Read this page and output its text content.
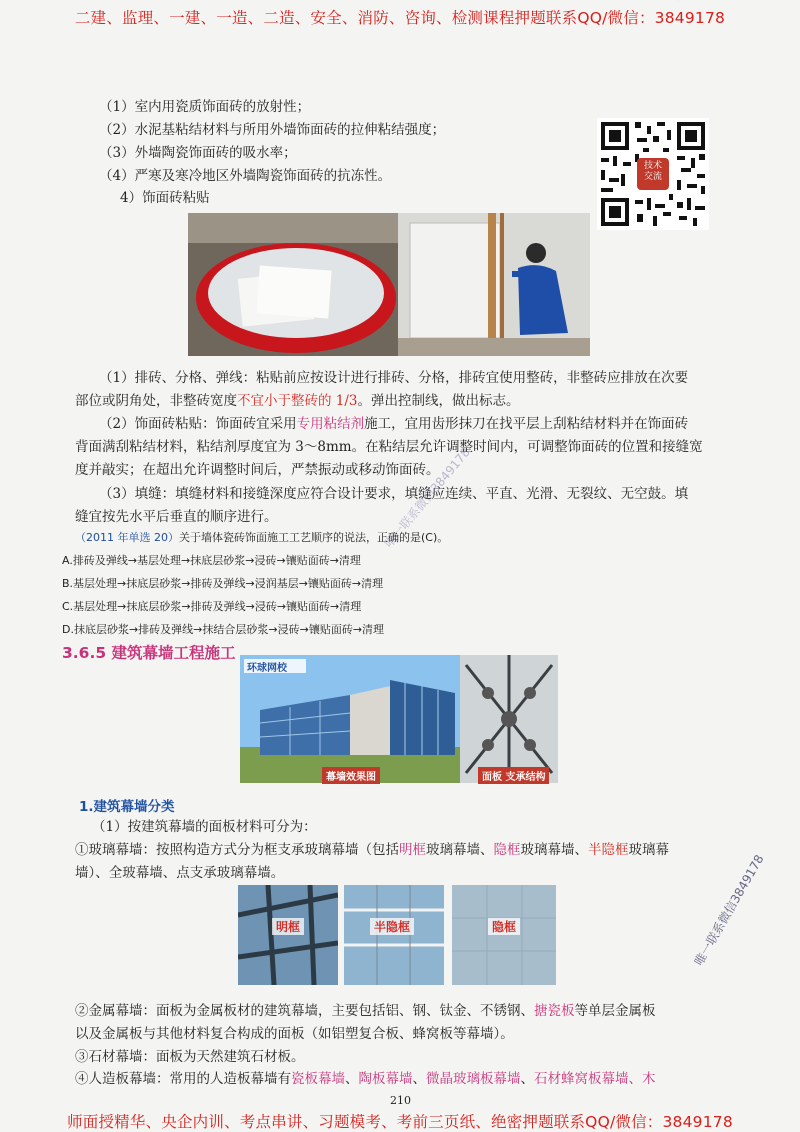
二建、监理、一建、一造、二造、安全、消防、咨询、检测课程押题联系QQ/微信：3849178
师面授精华、央企内训、考点串讲、习题模考、考前三页纸、绝密押题联系QQ/微信：3849178
技术
交流
（1）室内用瓷质饰面砖的放射性；
（2）水泥基粘结材料与所用外墙饰面砖的拉伸粘结强度；
（3）外墙陶瓷饰面砖的吸水率；
（4）严寒及寒冷地区外墙陶瓷饰面砖的抗冻性。
4）饰面砖粘贴
（1）排砖、分格、弹线：粘贴前应按设计进行排砖、分格，排砖宜使用整砖，非整砖应排放在次要
部位或阴角处，非整砖宽度不宜小于整砖的 1/3。弹出控制线，做出标志。
（2）饰面砖粘贴：饰面砖宜采用专用粘结剂施工，宜用齿形抹刀在找平层上刮粘结材料并在饰面砖
背面满刮粘结材料，粘结剂厚度宜为 3～8mm。在粘结层允许调整时间内，可调整饰面砖的位置和接缝宽
度并敲实；在超出允许调整时间后，严禁振动或移动饰面砖。
（3）填缝：填缝材料和接缝深度应符合设计要求，填缝应连续、平直、光滑、无裂纹、无空鼓。填
缝宜按先水平后垂直的顺序进行。
（2011 年单选 20）关于墙体瓷砖饰面施工工艺顺序的说法，正确的是(C)。
A.排砖及弹线→基层处理→抹底层砂浆→浸砖→镶贴面砖→清理
B.基层处理→抹底层砂浆→排砖及弹线→浸润基层→镶贴面砖→清理
C.基层处理→抹底层砂浆→排砖及弹线→浸砖→镶贴面砖→清理
D.抹底层砂浆→排砖及弹线→抹结合层砂浆→浸砖→镶贴面砖→清理
3.6.5 建筑幕墙工程施工
环球网校
幕墙效果图	面板 支承结构
1.建筑幕墙分类
（1）按建筑幕墙的面板材料可分为：
①玻璃幕墙：按照构造方式分为框支承玻璃幕墙（包括明框玻璃幕墙、隐框玻璃幕墙、半隐框玻璃幕
墙）、全玻幕墙、点支承玻璃幕墙。
明框	半隐框	隐框
②金属幕墙：面板为金属板材的建筑幕墙，主要包括铝、钢、钛金、不锈钢、搪瓷板等单层金属板
以及金属板与其他材料复合构成的面板（如铝塑复合板、蜂窝板等幕墙）。
③石材幕墙：面板为天然建筑石材板。
④人造板幕墙：常用的人造板幕墙有瓷板幕墙、陶板幕墙、微晶玻璃板幕墙、石材蜂窝板幕墙、木
210
唯一联系微信3849178
唯一联系微信3849178
